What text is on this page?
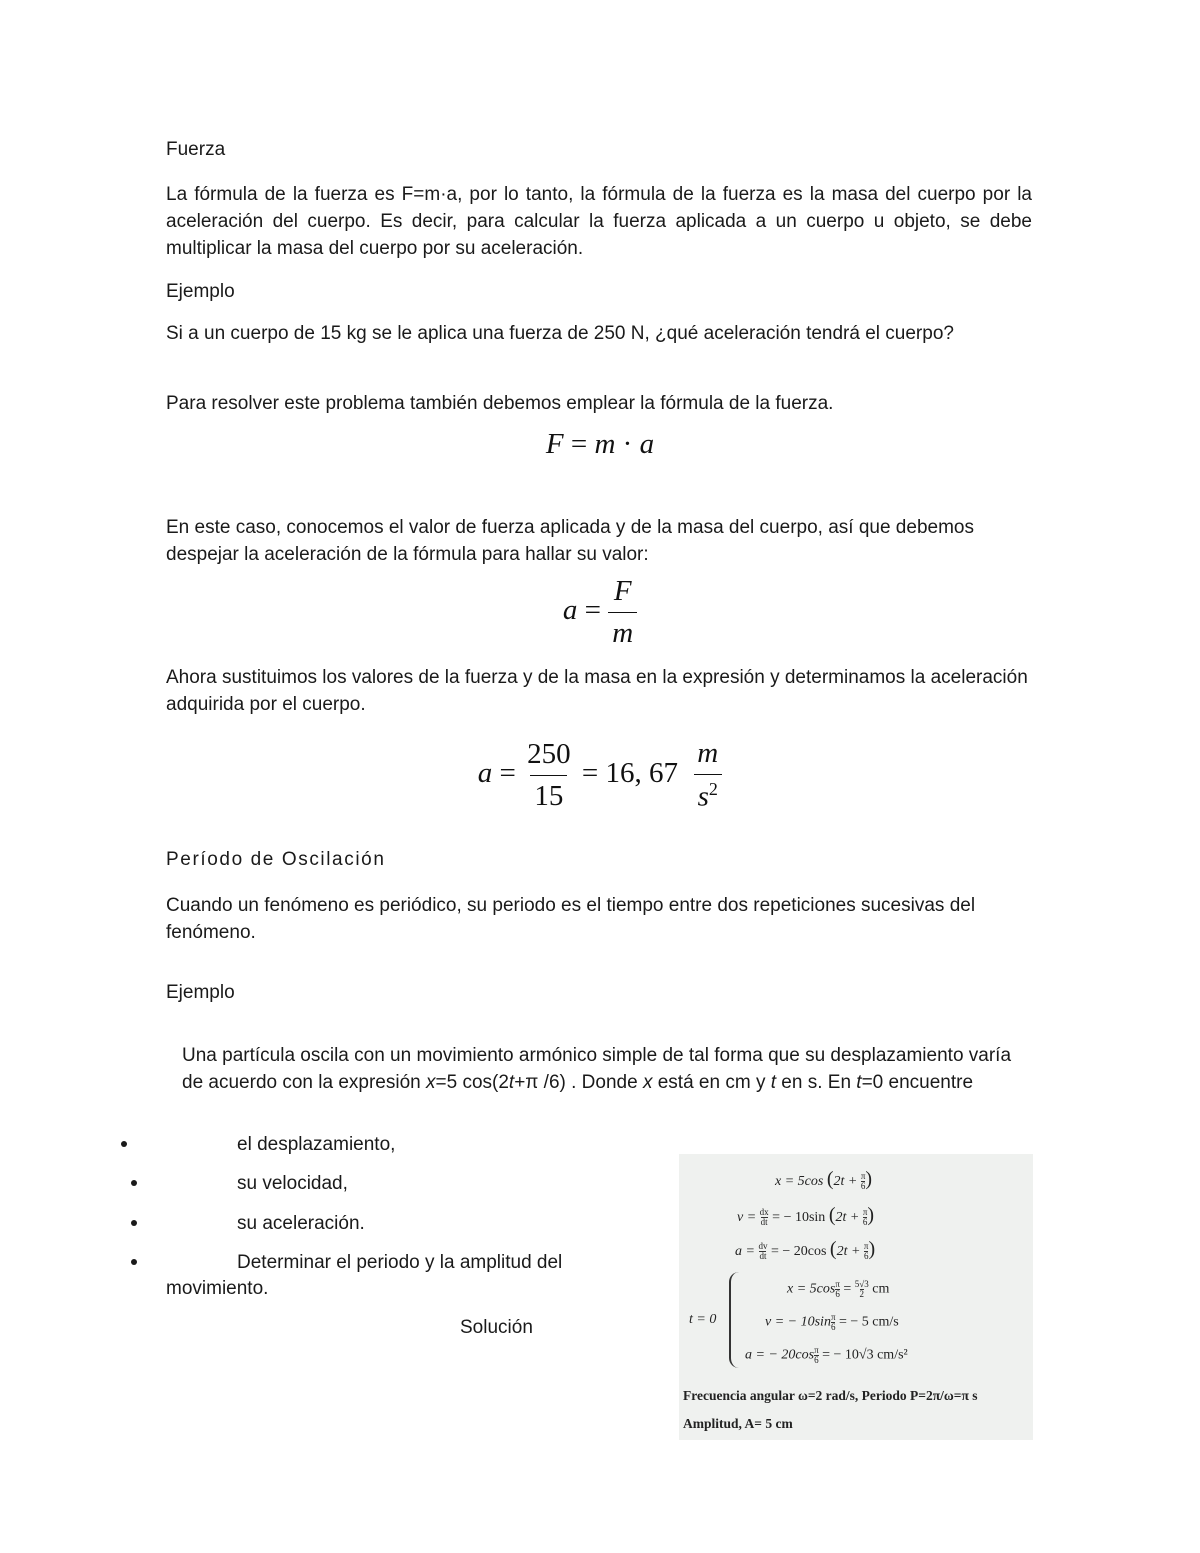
Fuerza

La fórmula de la fuerza es F=m·a, por lo tanto, la fórmula de la fuerza es la masa del cuerpo por la aceleración del cuerpo. Es decir, para calcular la fuerza aplicada a un cuerpo u objeto, se debe multiplicar la masa del cuerpo por su aceleración.

Ejemplo

Si a un cuerpo de 15 kg se le aplica una fuerza de 250 N, ¿qué aceleración tendrá el cuerpo?

Para resolver este problema también debemos emplear la fórmula de la fuerza.

F = m · a

En este caso, conocemos el valor de fuerza aplicada y de la masa del cuerpo, así que debemos despejar la aceleración de la fórmula para hallar su valor:

$a = \frac{F}{m}$

Ahora sustituimos los valores de la fuerza y de la masa en la expresión y determinamos la aceleración adquirida por el cuerpo.

$a = \frac{250}{15} = 16$, $67 \frac{m}{s^2}$
Período de Oscilación

Cuando un fenómeno es periódico, su periodo es el tiempo entre dos repeticiones sucesivas del fenómeno.

Ejemplo

Una partícula oscila con un movimiento armónico simple de tal forma que su desplazamiento varía de acuerdo con la expresión x=5 cos(2t+π /6) . Donde x está en cm y t en s. En t=0 encuentre

el desplazamiento,
su velocidad,
su aceleración.
Determinar el periodo y la amplitud del
movimiento.
Solución
x = 5cos ($2t + \frac{\pi}{6}$ )
$v = \frac{dx}{dt}$ = − 10sin ($2t + \frac{\pi}{6}$ )
$a = \frac{dv}{dt}$ = − 20cos ($2t + \frac{\pi}{6}$ )
t = 0
$x = 5\cos \frac{\pi}{6} = \frac{5√3}{2}$ cm
v = − $10\sin \frac{\pi}{6}$ = − 5 cm/s
a = − $20\cos \frac{\pi}{6}$ = − 10√3 cm/s²
Frecuencia angular ω=2 rad/s, Periodo P=2π/ω=π s
Amplitud, A= 5 cm
